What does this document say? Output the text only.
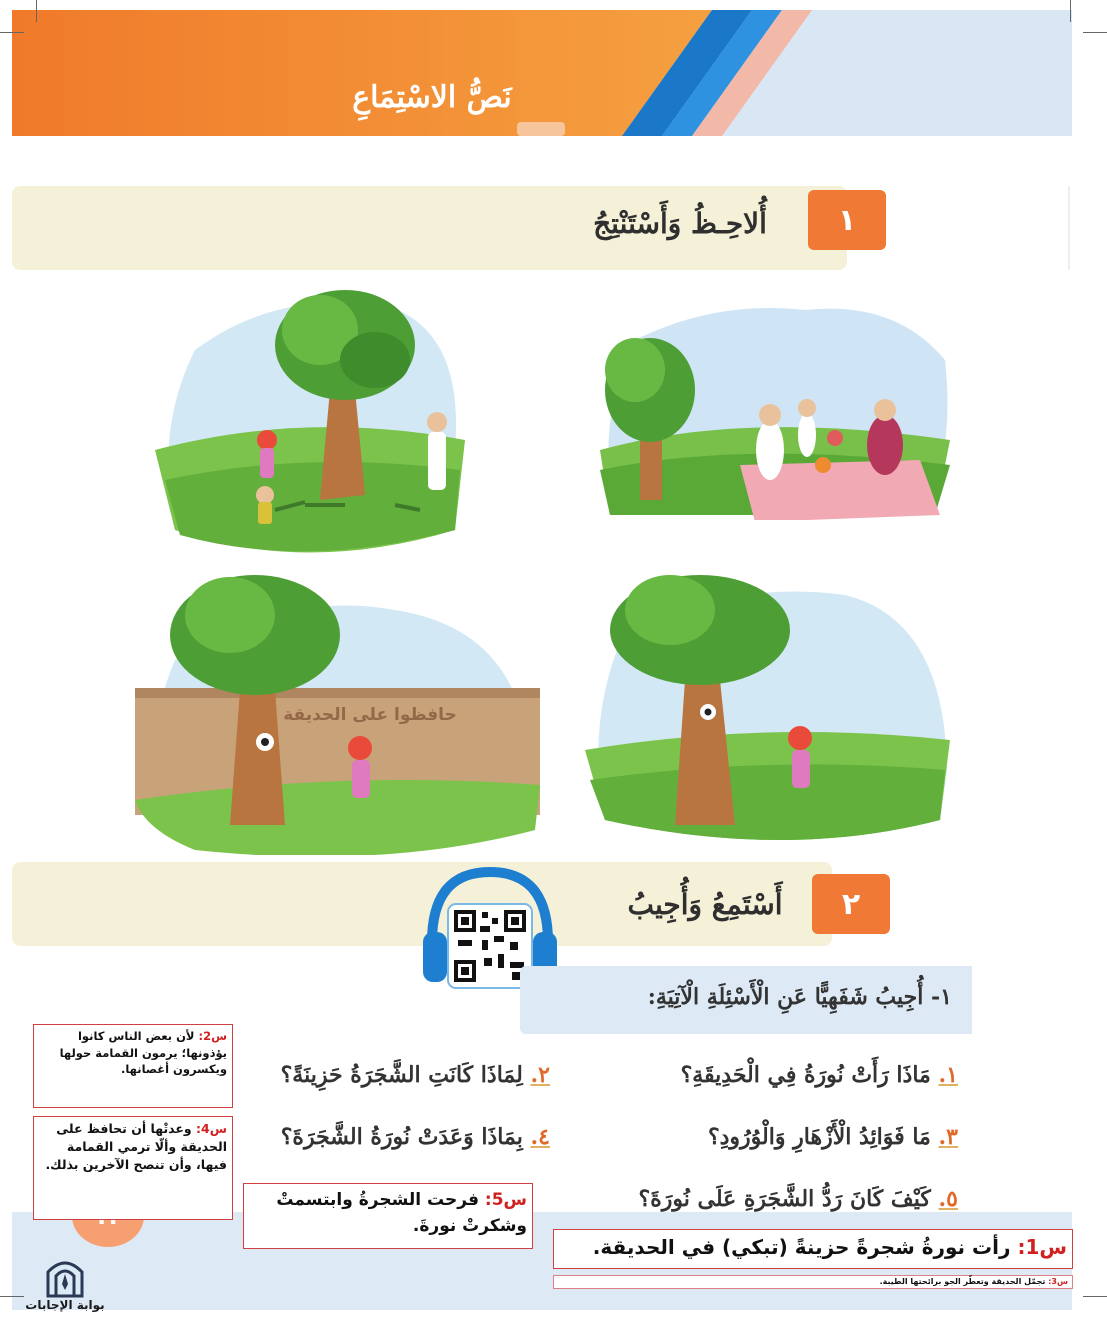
نَصُّ الاسْتِمَاعِ
١
أُلاحِـظُ وَأَسْتَنْتِجُ
حافظوا على الحديقة
٢
أَسْتَمِعُ وَأُجِيبُ
١- أُجِيبُ شَفَهِيًّا عَنِ الْأَسْئِلَةِ الْآتِيَةِ:
١. مَاذَا رَأَتْ نُورَةُ فِي الْحَدِيقَةِ؟
٢. لِمَاذَا كَانَتِ الشَّجَرَةُ حَزِينَةً؟
٣. مَا فَوَائِدُ الْأَزْهَارِ وَالْوُرُودِ؟
٤. بِمَاذَا وَعَدَتْ نُورَةُ الشَّجَرَةَ؟
٥. كَيْفَ كَانَ رَدُّ الشَّجَرَةِ عَلَى نُورَةَ؟
س2: لأن بعض الناس كانوا يؤذونها؛ يرمون القمامة حولها ويكسرون أغصانها.
س4: وعدتْها أن تحافظ على الحديقة وألّا ترمي القمامة فيها، وأن تنصح الآخرين بذلك.
س5: فرحت الشجرةُ وابتسمتْ وشكرتْ نورةَ.
س1: رأت نورةُ شجرةً حزينةً (تبكي) في الحديقة.
س3: تجمّل الحديقة وتعطّر الجو برائحتها الطيبة.
بوابة الإجابات
